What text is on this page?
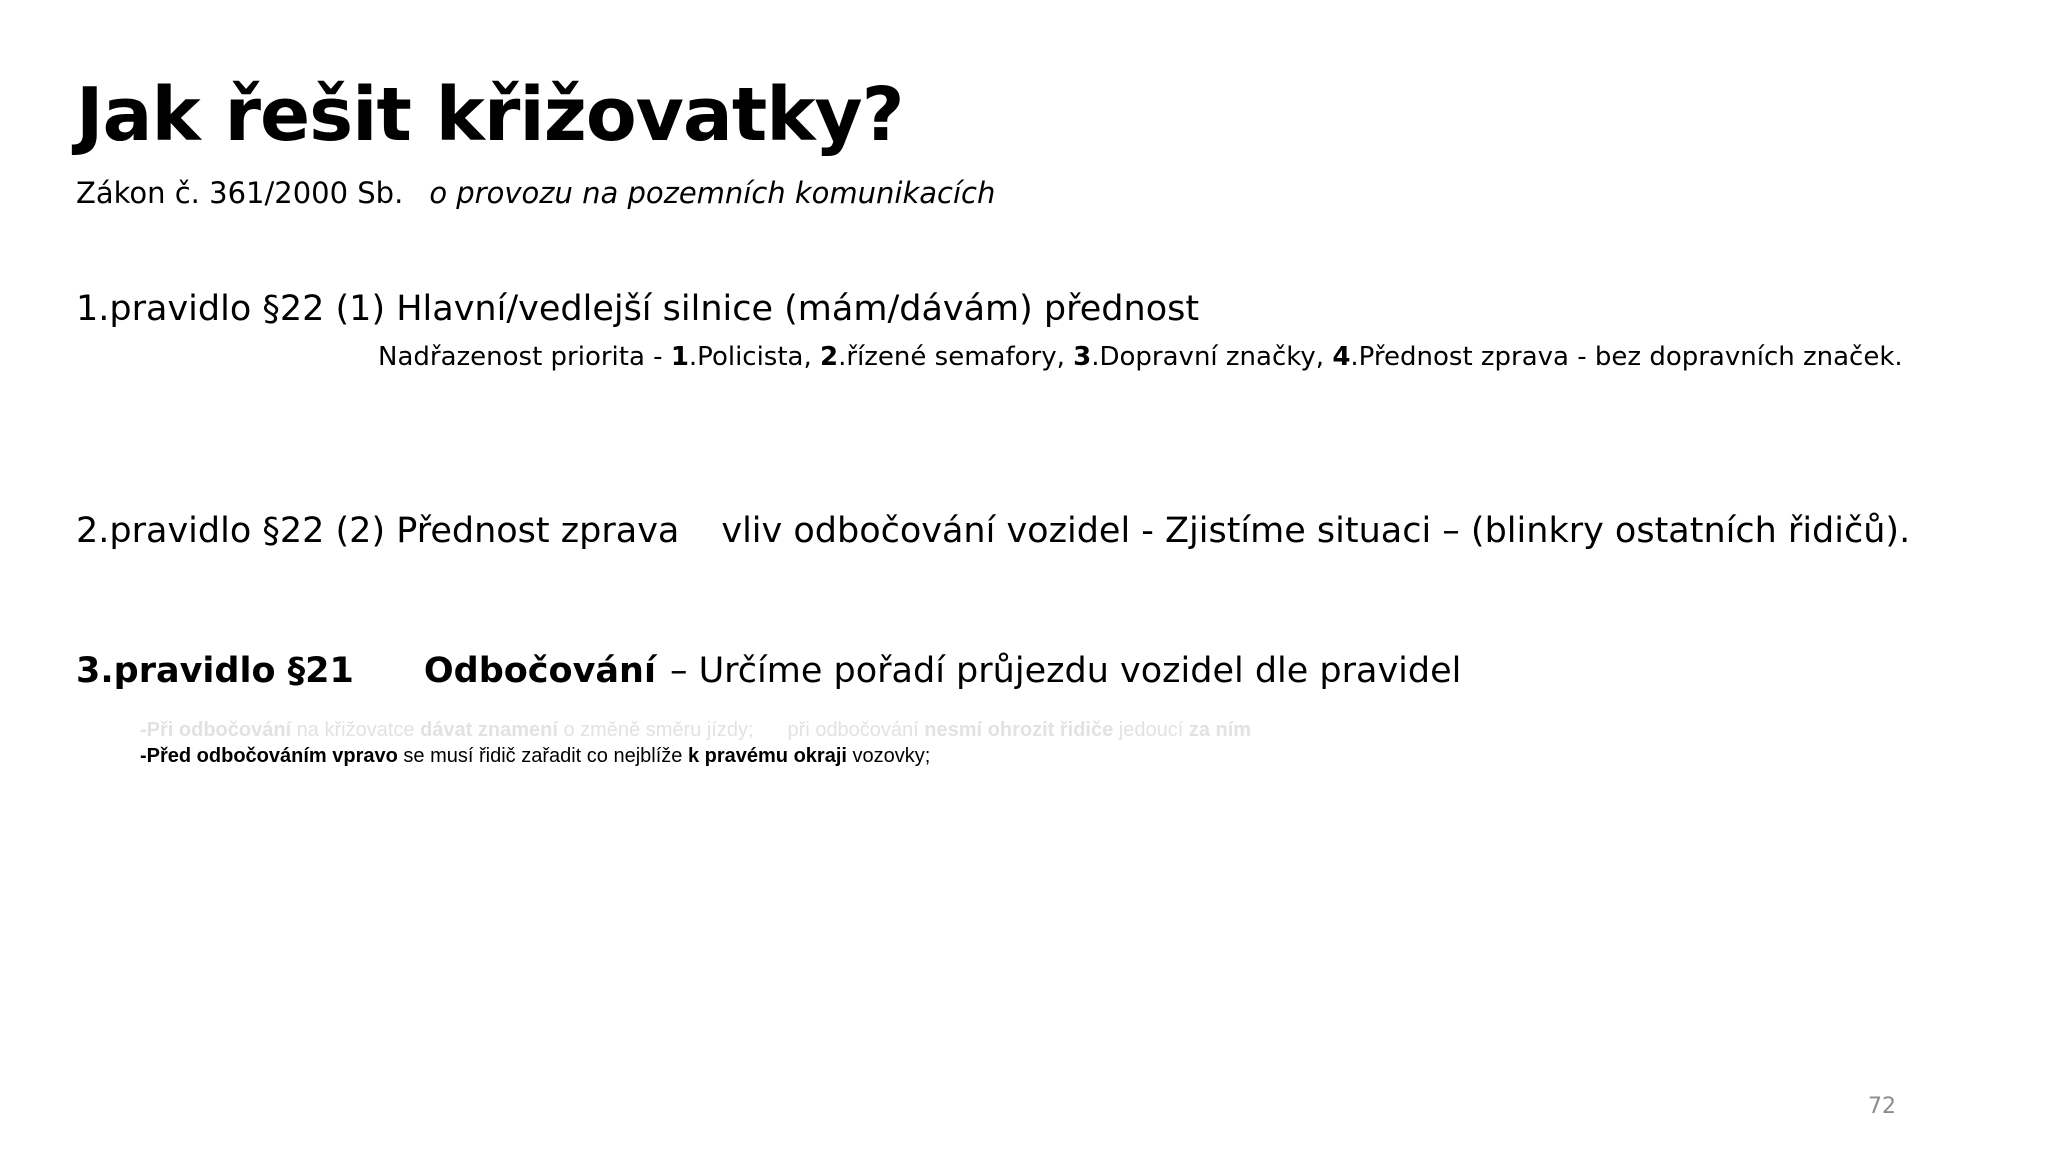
Jak řešit křižovatky?
Zákon č. 361/2000 Sb. o provozu na pozemních komunikacích
1.pravidlo §22 (1) Hlavní/vedlejší silnice (mám/dávám) přednost
Nadřazenost priorita - 1.Policista, 2.řízené semafory, 3.Dopravní značky, 4.Přednost zprava - bez dopravních značek.
2.pravidlo §22 (2) Přednost zprava vliv odbočování vozidel - Zjistíme situaci – (blinkry ostatních řidičů).
3.pravidlo §21 Odbočování – Určíme pořadí průjezdu vozidel dle pravidel
-Při odbočování na křižovatce dávat znamení o změně směru jízdy; při odbočování nesmí ohrozit řidiče jedoucí za ním
-Před odbočováním vpravo se musí řidič zařadit co nejblíže k pravému okraji vozovky;
72
